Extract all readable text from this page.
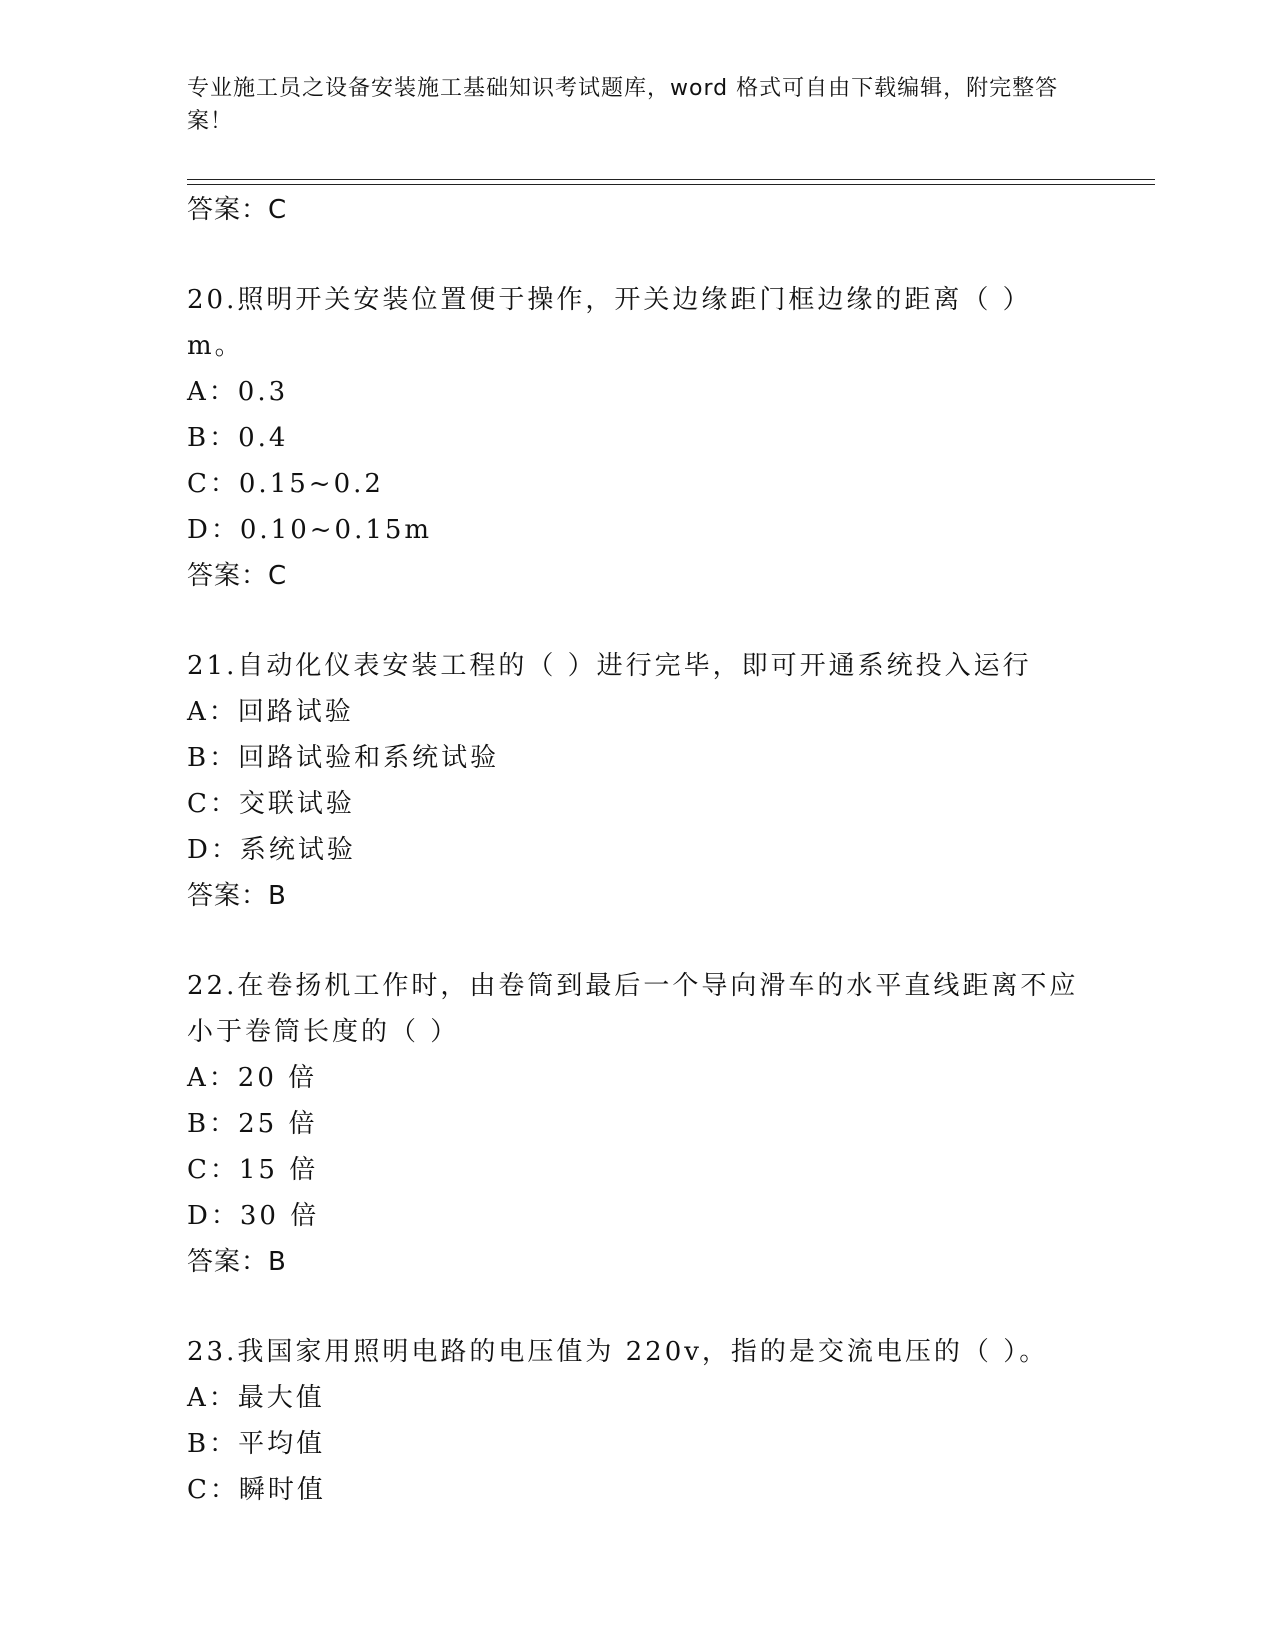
专业施工员之设备安装施工基础知识考试题库，word 格式可自由下载编辑，附完整答案！
答案：C
20.照明开关安装位置便于操作，开关边缘距门框边缘的距离（ ）m。
A：0.3
B：0.4
C：0.15~0.2
D：0.10~0.15m
答案：C
21.自动化仪表安装工程的（ ）进行完毕，即可开通系统投入运行
A：回路试验
B：回路试验和系统试验
C：交联试验
D：系统试验
答案：B
22.在卷扬机工作时，由卷筒到最后一个导向滑车的水平直线距离不应小于卷筒长度的（ ）
A：20 倍
B：25 倍
C：15 倍
D：30 倍
答案：B
23.我国家用照明电路的电压值为 220v，指的是交流电压的（ ）。
A：最大值
B：平均值
C：瞬时值
